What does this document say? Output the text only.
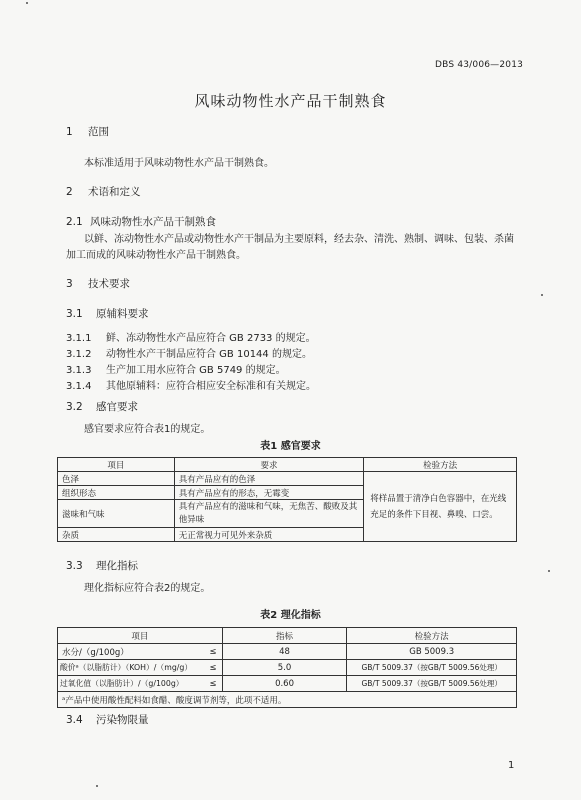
DBS 43/006—2013
风味动物性水产品干制熟食
1 范围
本标准适用于风味动物性水产品干制熟食。
2 术语和定义
2.1 风味动物性水产品干制熟食
以鲜、冻动物性水产品或动物性水产干制品为主要原料，经去杂、清洗、熟制、调味、包装、杀菌
加工而成的风味动物性水产品干制熟食。
3 技术要求
3.1 原辅料要求
3.1.1 鲜、冻动物性水产品应符合 GB 2733 的规定。
3.1.2 动物性水产干制品应符合 GB 10144 的规定。
3.1.3 生产加工用水应符合 GB 5749 的规定。
3.1.4 其他原辅料：应符合相应安全标准和有关规定。
3.2 感官要求
感官要求应符合表1的规定。
表1 感官要求
项目	要求	检验方法
色泽	具有产品应有的色泽	将样品置于清净白色容器中，在光线充足的条件下目视、鼻嗅、口尝。
组织形态	具有产品应有的形态，无霉变	
滋味和气味	具有产品应有的滋味和气味，无焦苦、酸败及其他异味	
杂质	无正常视力可见外来杂质	
3.3 理化指标
理化指标应符合表2的规定。
表2 理化指标
项目		指标	检验方法
水分/（g/100g）	≤	48	GB 5009.3
酸价ᵃ（以脂肪计）（KOH）/（mg/g）	≤	5.0	GB/T 5009.37（按GB/T 5009.56处理）
过氧化值（以脂肪计）/（g/100g）	≤	0.60	GB/T 5009.37（按GB/T 5009.56处理）
ᵃ产品中使用酸性配料如食醋、酸度调节剂等，此项不适用。			
3.4 污染物限量
1
